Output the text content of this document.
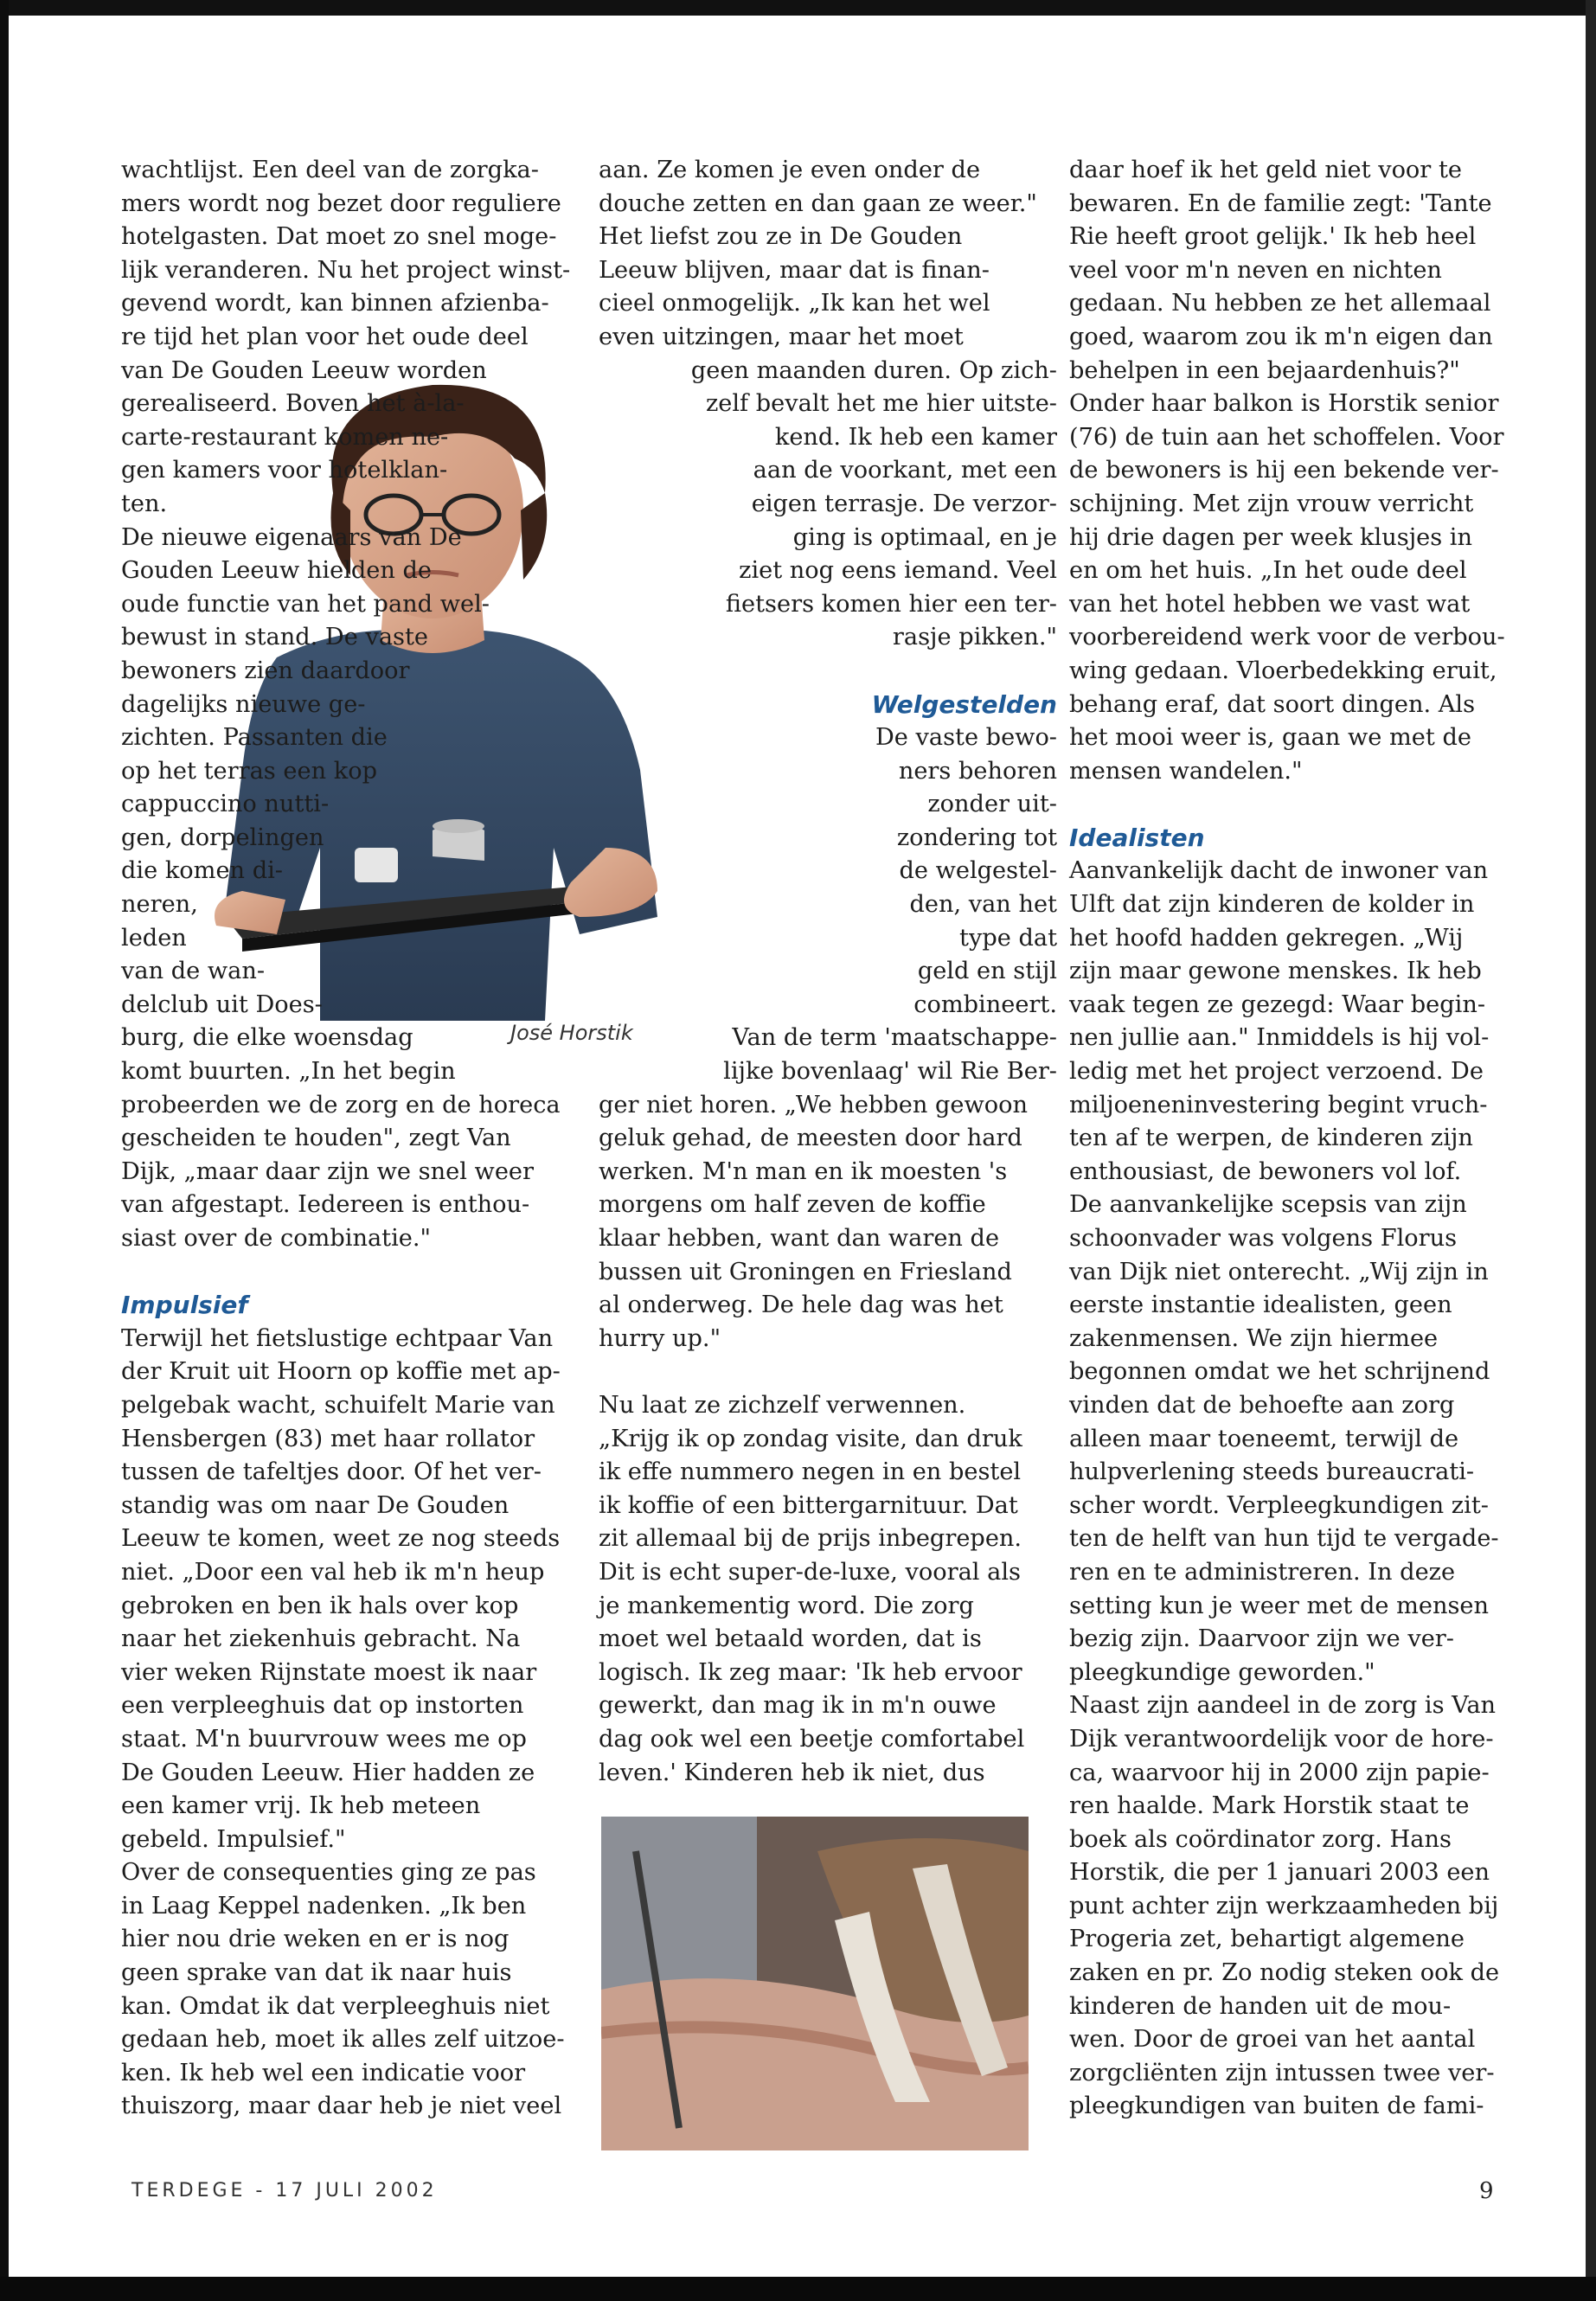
wachtlijst. Een deel van de zorgka-
mers wordt nog bezet door reguliere
hotelgasten. Dat moet zo snel moge-
lijk veranderen. Nu het project winst-
gevend wordt, kan binnen afzienba-
re tijd het plan voor het oude deel
van De Gouden Leeuw worden
gerealiseerd. Boven het à-la-
carte-restaurant komen ne-
gen kamers voor hotelklan-
ten.
De nieuwe eigenaars van De
Gouden Leeuw hielden de
oude functie van het pand wel-
bewust in stand. De vaste
bewoners zien daardoor
dagelijks nieuwe ge-
zichten. Passanten die
op het terras een kop
cappuccino nutti-
gen, dorpelingen
die komen di-
neren,
leden
van de wan-
delclub uit Does-
burg, die elke woensdag
komt buurten. „In het begin
probeerden we de zorg en de horeca
gescheiden te houden", zegt Van
Dijk, „maar daar zijn we snel weer
van afgestapt. Iedereen is enthou-
siast over de combinatie."
Impulsief
Terwijl het fietslustige echtpaar Van
der Kruit uit Hoorn op koffie met ap-
pelgebak wacht, schuifelt Marie van
Hensbergen (83) met haar rollator
tussen de tafeltjes door. Of het ver-
standig was om naar De Gouden
Leeuw te komen, weet ze nog steeds
niet. „Door een val heb ik m'n heup
gebroken en ben ik hals over kop
naar het ziekenhuis gebracht. Na
vier weken Rijnstate moest ik naar
een verpleeghuis dat op instorten
staat. M'n buurvrouw wees me op
De Gouden Leeuw. Hier hadden ze
een kamer vrij. Ik heb meteen
gebeld. Impulsief."
Over de consequenties ging ze pas
in Laag Keppel nadenken. „Ik ben
hier nou drie weken en er is nog
geen sprake van dat ik naar huis
kan. Omdat ik dat verpleeghuis niet
gedaan heb, moet ik alles zelf uitzoe-
ken. Ik heb wel een indicatie voor
thuiszorg, maar daar heb je niet veel
aan. Ze komen je even onder de
douche zetten en dan gaan ze weer."
Het liefst zou ze in De Gouden
Leeuw blijven, maar dat is finan-
cieel onmogelijk. „Ik kan het wel
even uitzingen, maar het moet
geen maanden duren. Op zich-
zelf bevalt het me hier uitste-
kend. Ik heb een kamer
aan de voorkant, met een
eigen terrasje. De verzor-
ging is optimaal, en je
ziet nog eens iemand. Veel
fietsers komen hier een ter-
rasje pikken."
Welgestelden
De vaste bewo-
ners behoren
zonder uit-
zondering tot
de welgestel-
den, van het
type dat
geld en stijl
combineert.
Van de term 'maatschappe-
lijke bovenlaag' wil Rie Ber-
ger niet horen. „We hebben gewoon
geluk gehad, de meesten door hard
werken. M'n man en ik moesten 's
morgens om half zeven de koffie
klaar hebben, want dan waren de
bussen uit Groningen en Friesland
al onderweg. De hele dag was het
hurry up."
Nu laat ze zichzelf verwennen.
„Krijg ik op zondag visite, dan druk
ik effe nummero negen in en bestel
ik koffie of een bittergarnituur. Dat
zit allemaal bij de prijs inbegrepen.
Dit is echt super-de-luxe, vooral als
je mankementig word. Die zorg
moet wel betaald worden, dat is
logisch. Ik zeg maar: 'Ik heb ervoor
gewerkt, dan mag ik in m'n ouwe
dag ook wel een beetje comfortabel
leven.' Kinderen heb ik niet, dus
daar hoef ik het geld niet voor te
bewaren. En de familie zegt: 'Tante
Rie heeft groot gelijk.' Ik heb heel
veel voor m'n neven en nichten
gedaan. Nu hebben ze het allemaal
goed, waarom zou ik m'n eigen dan
behelpen in een bejaardenhuis?"
Onder haar balkon is Horstik senior
(76) de tuin aan het schoffelen. Voor
de bewoners is hij een bekende ver-
schijning. Met zijn vrouw verricht
hij drie dagen per week klusjes in
en om het huis. „In het oude deel
van het hotel hebben we vast wat
voorbereidend werk voor de verbou-
wing gedaan. Vloerbedekking eruit,
behang eraf, dat soort dingen. Als
het mooi weer is, gaan we met de
mensen wandelen."
Idealisten
Aanvankelijk dacht de inwoner van
Ulft dat zijn kinderen de kolder in
het hoofd hadden gekregen. „Wij
zijn maar gewone menskes. Ik heb
vaak tegen ze gezegd: Waar begin-
nen jullie aan." Inmiddels is hij vol-
ledig met het project verzoend. De
miljoeneninvestering begint vruch-
ten af te werpen, de kinderen zijn
enthousiast, de bewoners vol lof.
De aanvankelijke scepsis van zijn
schoonvader was volgens Florus
van Dijk niet onterecht. „Wij zijn in
eerste instantie idealisten, geen
zakenmensen. We zijn hiermee
begonnen omdat we het schrijnend
vinden dat de behoefte aan zorg
alleen maar toeneemt, terwijl de
hulpverlening steeds bureaucrati-
scher wordt. Verpleegkundigen zit-
ten de helft van hun tijd te vergade-
ren en te administreren. In deze
setting kun je weer met de mensen
bezig zijn. Daarvoor zijn we ver-
pleegkundige geworden."
Naast zijn aandeel in de zorg is Van
Dijk verantwoordelijk voor de hore-
ca, waarvoor hij in 2000 zijn papie-
ren haalde. Mark Horstik staat te
boek als coördinator zorg. Hans
Horstik, die per 1 januari 2003 een
punt achter zijn werkzaamheden bij
Progeria zet, behartigt algemene
zaken en pr. Zo nodig steken ook de
kinderen de handen uit de mou-
wen. Door de groei van het aantal
zorgcliënten zijn intussen twee ver-
pleegkundigen van buiten de fami-
José Horstik
TERDEGE - 17 JULI 2002	9
